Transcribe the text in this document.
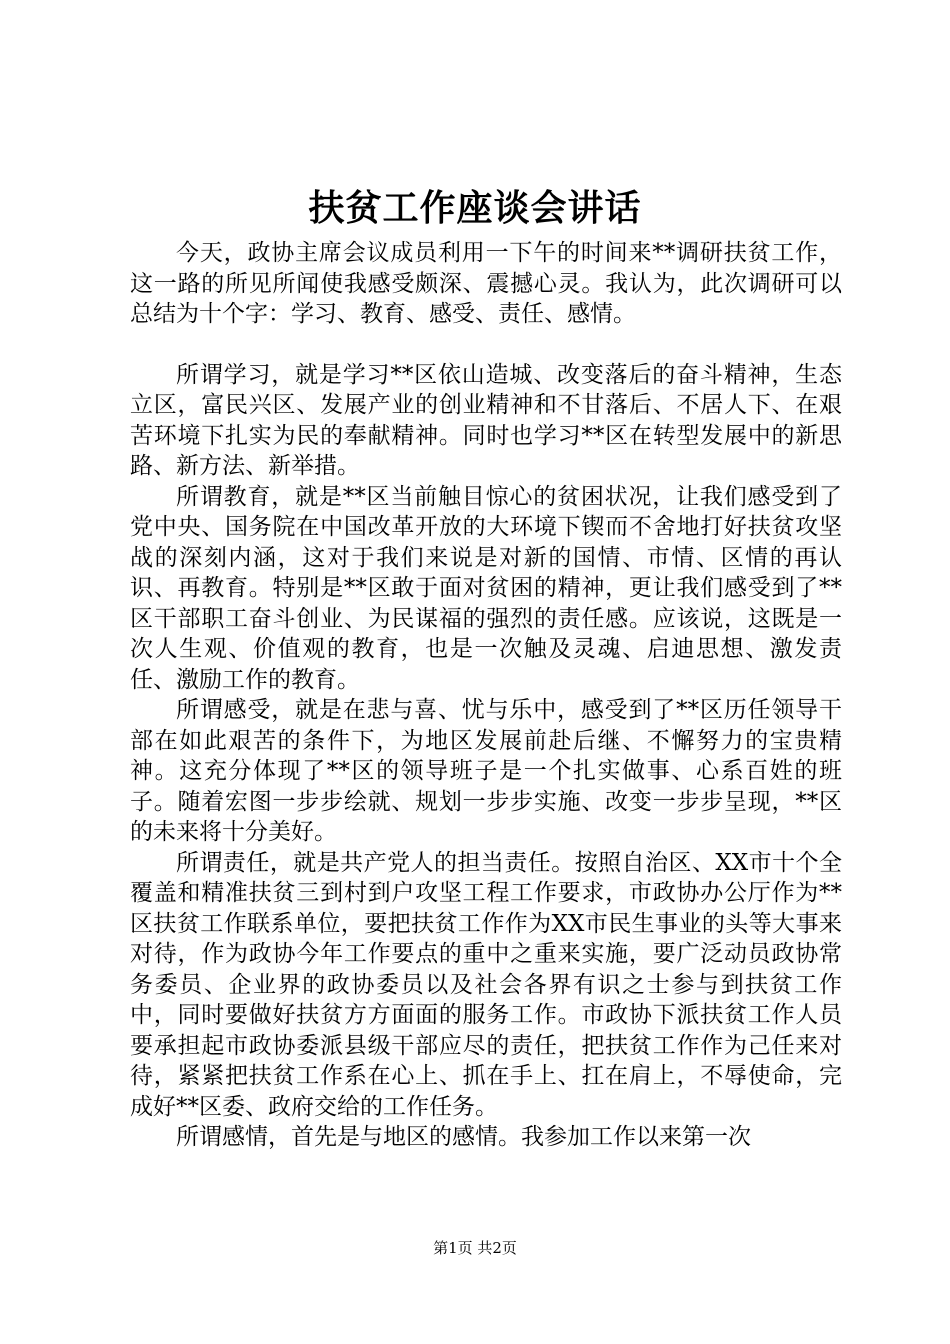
扶贫工作座谈会讲话

今天，政协主席会议成员利用一下午的时间来**调研扶贫工作，这一路的所见所闻使我感受颇深、震撼心灵。我认为，此次调研可以总结为十个字：学习、教育、感受、责任、感情。

所谓学习，就是学习**区依山造城、改变落后的奋斗精神，生态立区，富民兴区、发展产业的创业精神和不甘落后、不居人下、在艰苦环境下扎实为民的奉献精神。同时也学习**区在转型发展中的新思路、新方法、新举措。

所谓教育，就是**区当前触目惊心的贫困状况，让我们感受到了党中央、国务院在中国改革开放的大环境下锲而不舍地打好扶贫攻坚战的深刻内涵，这对于我们来说是对新的国情、市情、区情的再认识、再教育。特别是**区敢于面对贫困的精神，更让我们感受到了**区干部职工奋斗创业、为民谋福的强烈的责任感。应该说，这既是一次人生观、价值观的教育，也是一次触及灵魂、启迪思想、激发责任、激励工作的教育。

所谓感受，就是在悲与喜、忧与乐中，感受到了**区历任领导干部在如此艰苦的条件下，为地区发展前赴后继、不懈努力的宝贵精神。这充分体现了**区的领导班子是一个扎实做事、心系百姓的班子。随着宏图一步步绘就、规划一步步实施、改变一步步呈现，**区的未来将十分美好。

所谓责任，就是共产党人的担当责任。按照自治区、XX市十个全覆盖和精准扶贫三到村到户攻坚工程工作要求，市政协办公厅作为**区扶贫工作联系单位，要把扶贫工作作为XX市民生事业的头等大事来对待，作为政协今年工作要点的重中之重来实施，要广泛动员政协常务委员、企业界的政协委员以及社会各界有识之士参与到扶贫工作中，同时要做好扶贫方方面面的服务工作。市政协下派扶贫工作人员要承担起市政协委派县级干部应尽的责任，把扶贫工作作为己任来对待，紧紧把扶贫工作系在心上、抓在手上、扛在肩上，不辱使命，完成好**区委、政府交给的工作任务。

所谓感情，首先是与地区的感情。我参加工作以来第一次

第1页 共2页
